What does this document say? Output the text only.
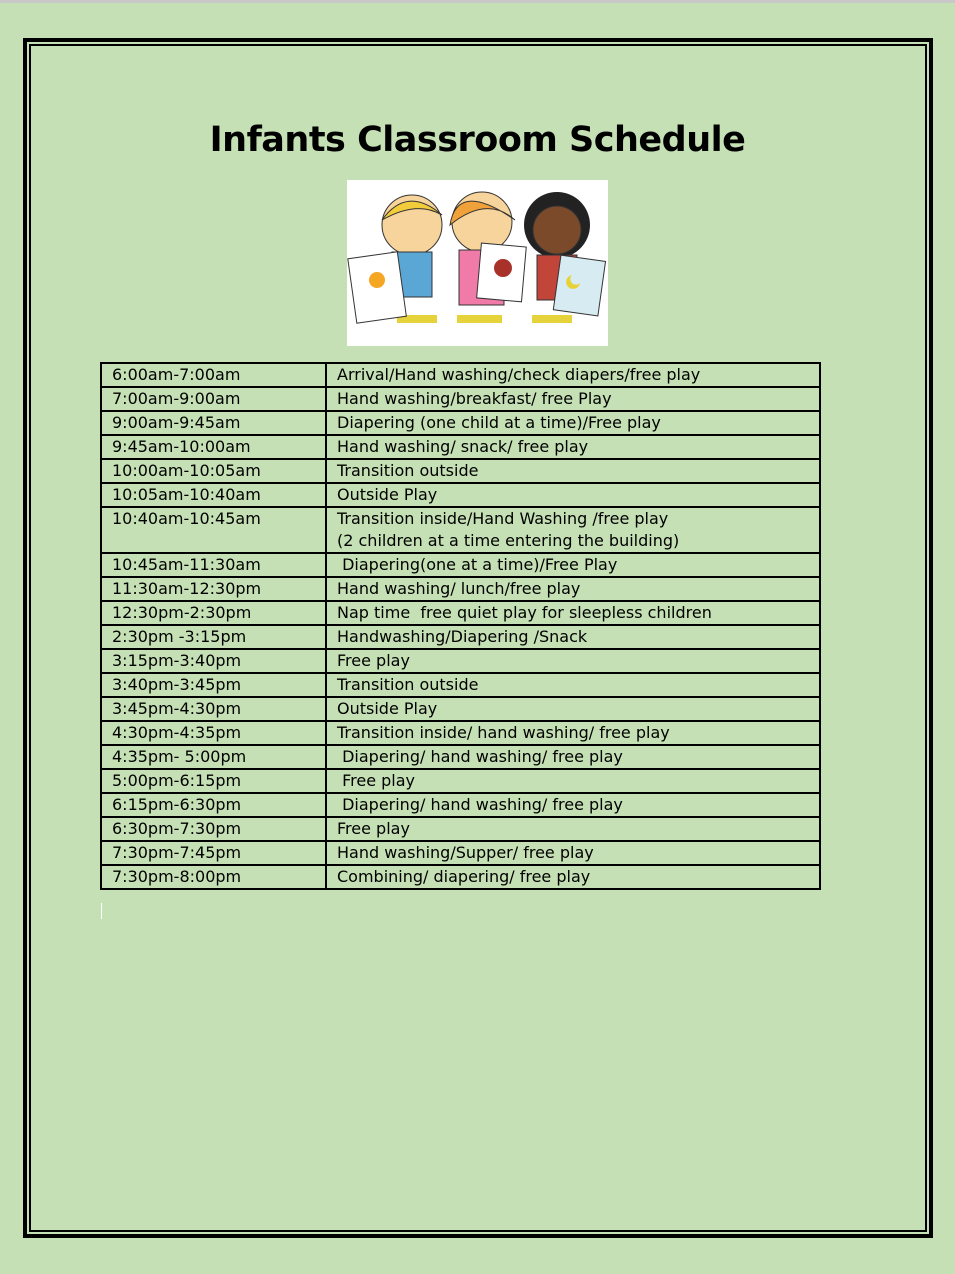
Infants Classroom Schedule
6:00am-7:00am	Arrival/Hand washing/check diapers/free play

7:00am-9:00am	Hand washing/breakfast/ free Play

9:00am-9:45am	Diapering (one child at a time)/Free play

9:45am-10:00am	Hand washing/ snack/ free play

10:00am-10:05am	Transition outside

10:05am-10:40am	Outside Play

10:40am-10:45am	Transition inside/Hand Washing /free play
(2 children at a time entering the building)

10:45am-11:30am	Diapering(one at a time)/Free Play

11:30am-12:30pm	Hand washing/ lunch/free play

12:30pm-2:30pm	Nap time  free quiet play for sleepless children

2:30pm -3:15pm	Handwashing/Diapering /Snack

3:15pm-3:40pm	Free play

3:40pm-3:45pm	Transition outside

3:45pm-4:30pm	Outside Play

4:30pm-4:35pm	Transition inside/ hand washing/ free play

4:35pm- 5:00pm	Diapering/ hand washing/ free play

5:00pm-6:15pm	Free play

6:15pm-6:30pm	Diapering/ hand washing/ free play

6:30pm-7:30pm	Free play

7:30pm-7:45pm	Hand washing/Supper/ free play

7:30pm-8:00pm	Combining/ diapering/ free play
